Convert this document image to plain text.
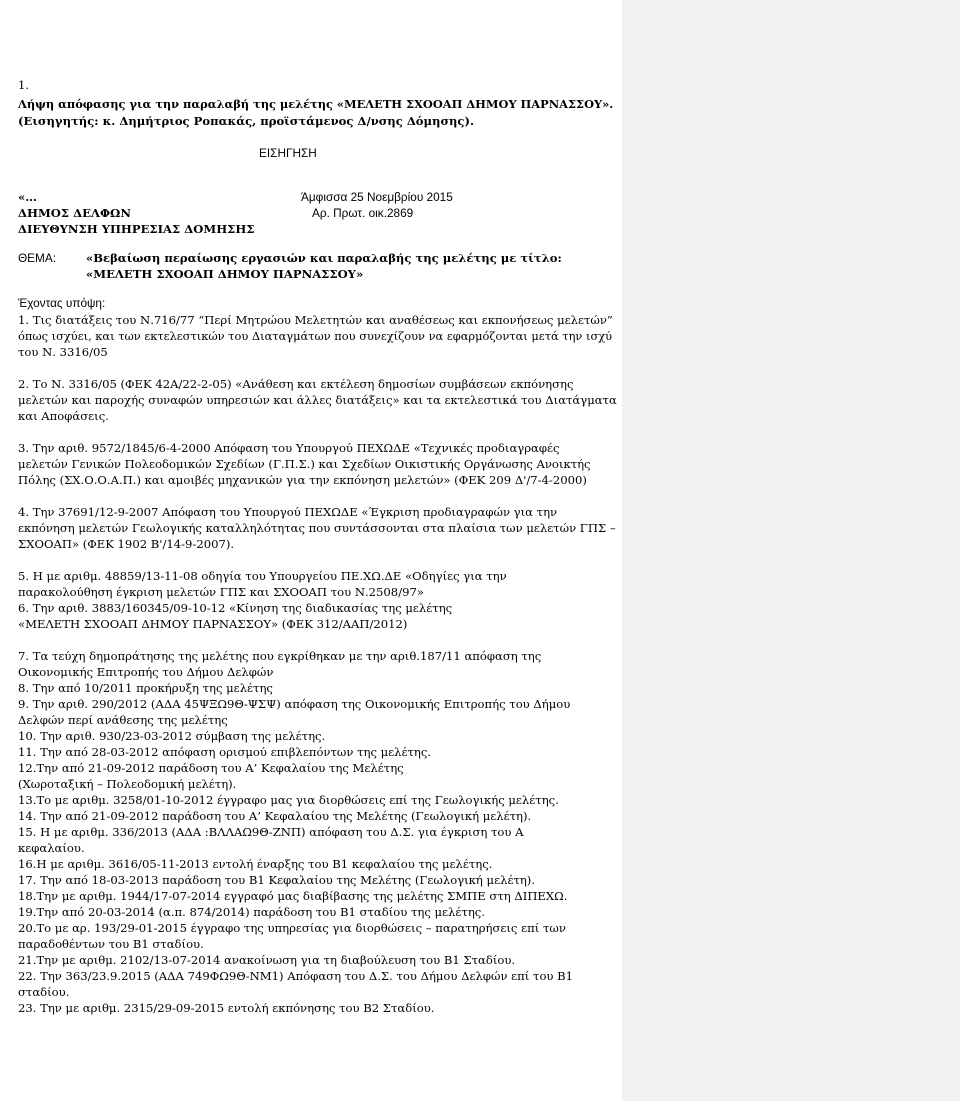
1.
Λήψη απόφασης για την παραλαβή της μελέτης «ΜΕΛΕΤΗ ΣΧΟΟΑΠ ΔΗΜΟΥ ΠΑΡΝΑΣΣΟΥ».
(Εισηγητής: κ. Δημήτριος Ροπακάς, προϊστάμενος Δ/νσης Δόμησης).
ΕΙΣΗΓΗΣΗ
«…	Άμφισσα 25 Νοεμβρίου 2015
ΔΗΜΟΣ ΔΕΛΦΩΝ	Αρ. Πρωτ. οικ.2869
ΔΙΕΥΘΥΝΣΗ ΥΠΗΡΕΣΙΑΣ ΔΟΜΗΣΗΣ
ΘΕΜΑ:	«Βεβαίωση περαίωσης εργασιών και παραλαβής της μελέτης με τίτλο:
«ΜΕΛΕΤΗ ΣΧΟΟΑΠ ΔΗΜΟΥ ΠΑΡΝΑΣΣΟΥ»
Έχοντας υπόψη:
1. Τις διατάξεις του Ν.716/77 “Περί Μητρώου Μελετητών και αναθέσεως και εκπονήσεως μελετών”
όπως ισχύει, και των εκτελεστικών του Διαταγμάτων που συνεχίζουν να εφαρμόζονται μετά την ισχύ
του Ν. 3316/05
2. Το Ν. 3316/05 (ΦΕΚ 42Α/22-2-05) «Ανάθεση και εκτέλεση δημοσίων συμβάσεων εκπόνησης
μελετών και παροχής συναφών υπηρεσιών και άλλες διατάξεις» και τα εκτελεστικά του Διατάγματα
και Αποφάσεις.
3. Την αριθ. 9572/1845/6-4-2000 Απόφαση του Υπουργού ΠΕΧΩΔΕ «Τεχνικές προδιαγραφές
μελετών Γενικών Πολεοδομικών Σχεδίων (Γ.Π.Σ.) και Σχεδίων Οικιστικής Οργάνωσης Ανοικτής
Πόλης (ΣΧ.Ο.Ο.Α.Π.) και αμοιβές μηχανικών για την εκπόνηση μελετών» (ΦΕΚ 209 Δ'/7-4-2000)
4. Την 37691/12-9-2007 Απόφαση του Υπουργού ΠΕΧΩΔΕ «Έγκριση προδιαγραφών για την
εκπόνηση μελετών Γεωλογικής καταλληλότητας που συντάσσονται στα πλαίσια των μελετών ΓΠΣ –
ΣΧΟΟΑΠ» (ΦΕΚ 1902 Β'/14-9-2007).
5. Η με αριθμ. 48859/13-11-08 οδηγία του Υπουργείου ΠΕ.ΧΩ.ΔΕ «Οδηγίες για την
παρακολούθηση έγκριση μελετών ΓΠΣ και ΣΧΟΟΑΠ του Ν.2508/97»
6. Την αριθ. 3883/160345/09-10-12 «Κίνηση της διαδικασίας της μελέτης
«ΜΕΛΕΤΗ ΣΧΟΟΑΠ ΔΗΜΟΥ ΠΑΡΝΑΣΣΟΥ» (ΦΕΚ 312/ΑΑΠ/2012)
7. Τα τεύχη δημοπράτησης της μελέτης που εγκρίθηκαν με την αριθ.187/11 απόφαση της
Οικονομικής Επιτροπής του Δήμου Δελφών
8. Την από 10/2011 προκήρυξη της μελέτης
9. Την αριθ. 290/2012 (ΑΔΑ 45ΨΞΩ9Θ-ΨΣΨ) απόφαση της Οικονομικής Επιτροπής του Δήμου
Δελφών περί ανάθεσης της μελέτης
10. Την αριθ. 930/23-03-2012 σύμβαση της μελέτης.
11. Την από 28-03-2012 απόφαση ορισμού επιβλεπόντων της μελέτης.
12.Την από 21-09-2012 παράδοση του Α’ Κεφαλαίου της Μελέτης
(Χωροταξική – Πολεοδομική μελέτη).
13.Το με αριθμ. 3258/01-10-2012 έγγραφο μας για διορθώσεις επί της Γεωλογικής μελέτης.
14. Την από 21-09-2012 παράδοση του Α’ Κεφαλαίου της Μελέτης (Γεωλογική μελέτη).
15. Η με αριθμ. 336/2013 (ΑΔΑ :ΒΛΛΑΩ9Θ-ΖΝΠ) απόφαση του Δ.Σ. για έγκριση του Α
κεφαλαίου.
16.Η με αριθμ. 3616/05-11-2013 εντολή έναρξης του Β1 κεφαλαίου της μελέτης.
17. Την από 18-03-2013 παράδοση του Β1 Κεφαλαίου της Μελέτης (Γεωλογική μελέτη).
18.Την με αριθμ. 1944/17-07-2014 εγγραφό μας διαβίβασης της μελέτης ΣΜΠΕ στη ΔΙΠΕΧΩ.
19.Την από 20-03-2014 (α.π. 874/2014) παράδοση του Β1 σταδίου της μελέτης.
20.Το με αρ. 193/29-01-2015 έγγραφο της υπηρεσίας για διορθώσεις – παρατηρήσεις επί των
παραδοθέντων του Β1 σταδίου.
21.Την με αριθμ. 2102/13-07-2014 ανακοίνωση για τη διαβούλευση του Β1 Σταδίου.
22. Την 363/23.9.2015 (ΑΔΑ 749ΦΩ9Θ-ΝΜ1) Απόφαση του Δ.Σ. του Δήμου Δελφών επί του Β1
σταδίου.
23. Την με αριθμ. 2315/29-09-2015 εντολή εκπόνησης του Β2 Σταδίου.
